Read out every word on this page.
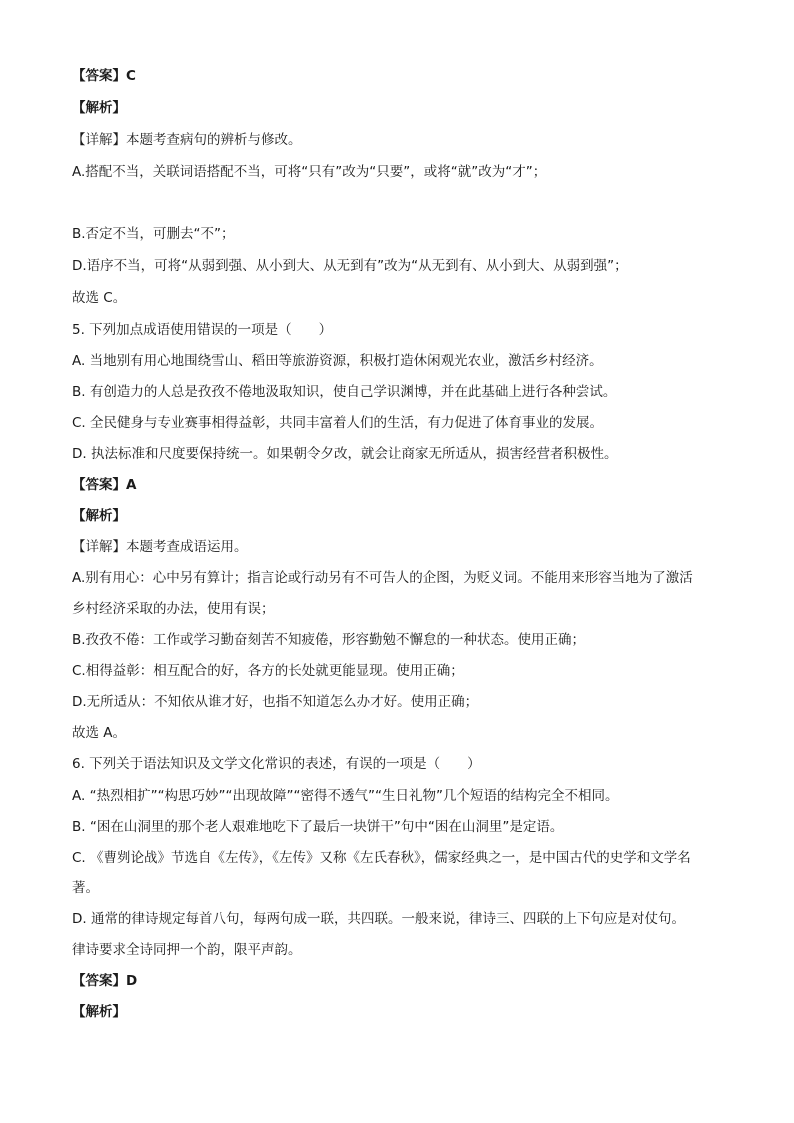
【答案】C
【解析】
【详解】本题考查病句的辨析与修改。
A.搭配不当，关联词语搭配不当，可将“只有”改为“只要”，或将“就”改为“才”；
B.否定不当，可删去“不”；
D.语序不当，可将“从弱到强、从小到大、从无到有”改为“从无到有、从小到大、从弱到强”；
故选 C。
5. 下列加点成语使用错误的一项是（　　）
A. 当地别有用心地围绕雪山、稻田等旅游资源，积极打造休闲观光农业，激活乡村经济。
B. 有创造力的人总是孜孜不倦地汲取知识，使自己学识渊博，并在此基础上进行各种尝试。
C. 全民健身与专业赛事相得益彰，共同丰富着人们的生活，有力促进了体育事业的发展。
D. 执法标准和尺度要保持统一。如果朝令夕改，就会让商家无所适从，损害经营者积极性。
【答案】A
【解析】
【详解】本题考查成语运用。
A.别有用心：心中另有算计；指言论或行动另有不可告人的企图，为贬义词。不能用来形容当地为了激活
乡村经济采取的办法，使用有误；
B.孜孜不倦：工作或学习勤奋刻苦不知疲倦，形容勤勉不懈怠的一种状态。使用正确；
C.相得益彰：相互配合的好，各方的长处就更能显现。使用正确；
D.无所适从：不知依从谁才好，也指不知道怎么办才好。使用正确；
故选 A。
6. 下列关于语法知识及文学文化常识的表述，有误的一项是（　　）
A. “热烈相扩”“构思巧妙”“出现故障”“密得不透气”“生日礼物”几个短语的结构完全不相同。
B. “困在山洞里的那个老人艰难地吃下了最后一块饼干”句中“困在山洞里”是定语。
C. 《曹刿论战》节选自《左传》，《左传》又称《左氏春秋》，儒家经典之一，是中国古代的史学和文学名
著。
D. 通常的律诗规定每首八句，每两句成一联，共四联。一般来说，律诗三、四联的上下句应是对仗句。
律诗要求全诗同押一个韵，限平声韵。
【答案】D
【解析】
